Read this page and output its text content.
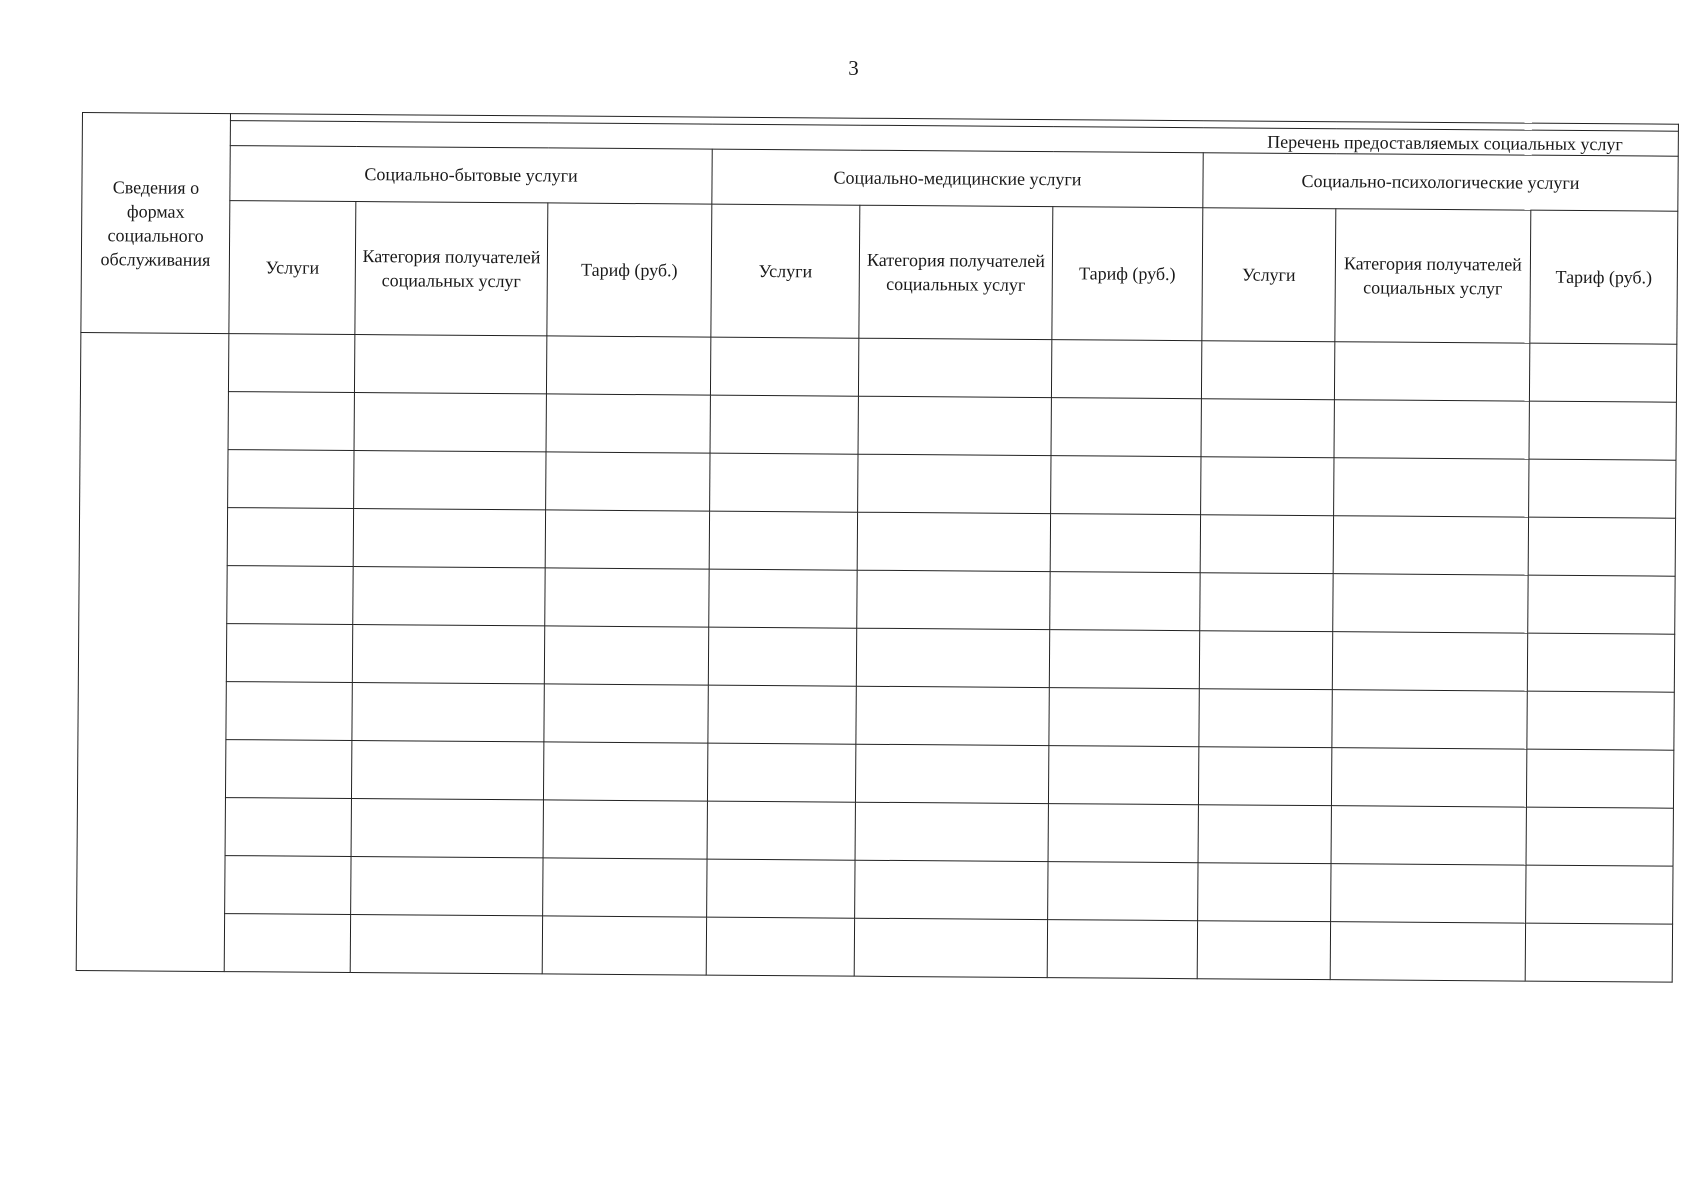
3
Сведения о формах социального обслуживания									
	Перечень предоставляемых социальных услуг								
	Социально-бытовые услуги			Социально-медицинские услуги			Социально-психологические услуги		
	Услуги	Категория получателей социальных услуг	Тариф (руб.)	Услуги	Категория получателей социальных услуг	Тариф (руб.)	Услуги	Категория получателей социальных услуг	Тариф (руб.)
